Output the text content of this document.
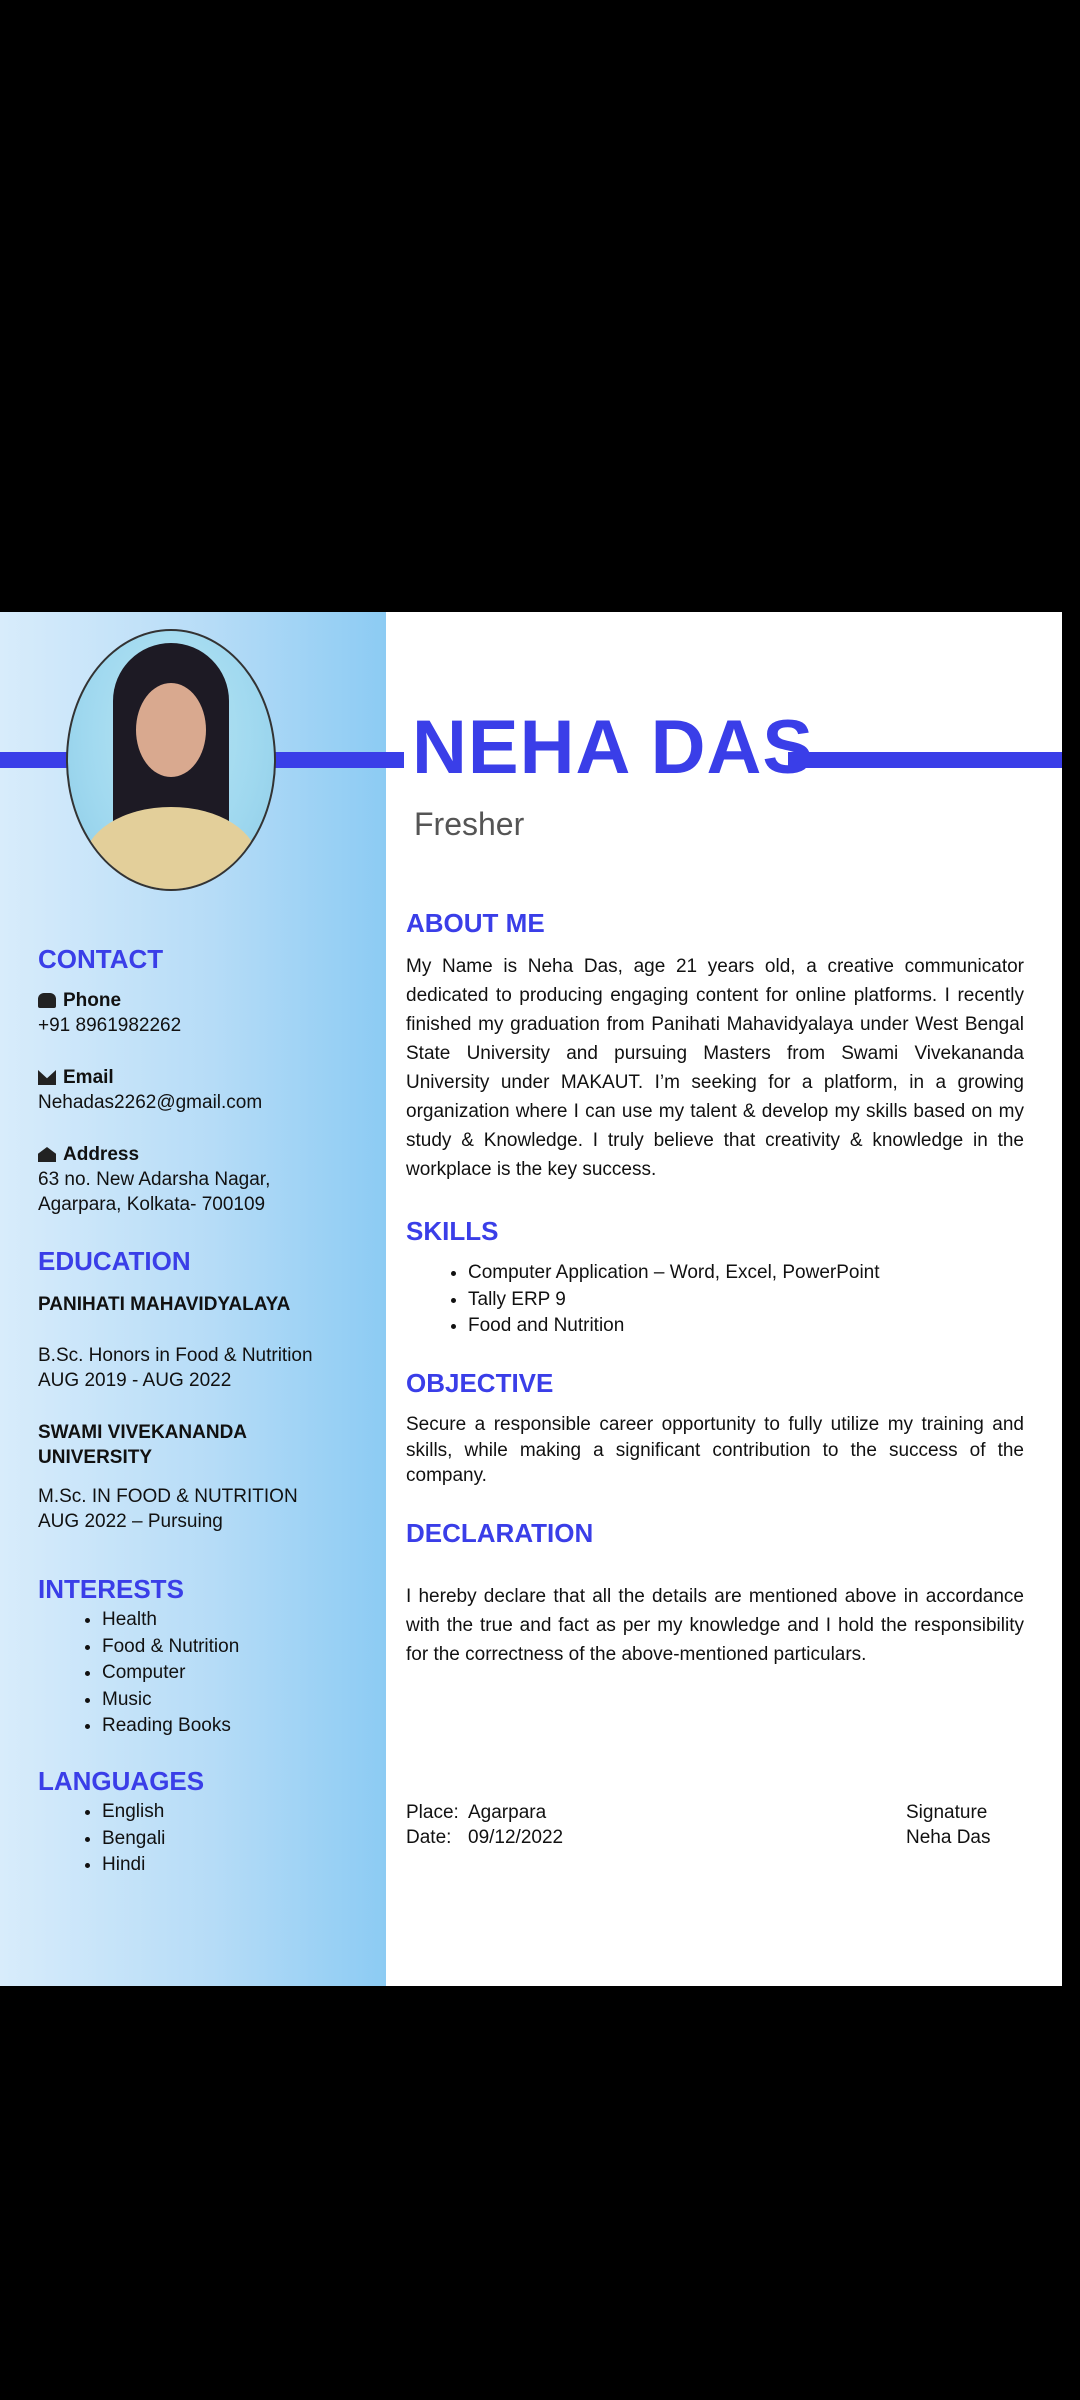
NEHA DAS
Fresher
CONTACT
Phone
+91 8961982262
Email
Nehadas2262@gmail.com
Address
63 no. New Adarsha Nagar,
Agarpara, Kolkata- 700109
EDUCATION
PANIHATI MAHAVIDYALAYA
B.Sc. Honors in Food & Nutrition
AUG 2019 - AUG 2022
SWAMI VIVEKANANDA
UNIVERSITY
M.Sc. IN FOOD & NUTRITION
AUG 2022 – Pursuing
INTERESTS
• Health
• Food & Nutrition
• Computer
• Music
• Reading Books
LANGUAGES
• English
• Bengali
• Hindi
ABOUT ME
My Name is Neha Das, age 21 years old, a creative communicator dedicated to producing engaging content for online platforms. I recently finished my graduation from Panihati Mahavidyalaya under West Bengal State University and pursuing Masters from Swami Vivekananda University under MAKAUT. I’m seeking for a platform, in a growing organization where I can use my talent & develop my skills based on my study & Knowledge. I truly believe that creativity & knowledge in the workplace is the key success.
SKILLS
• Computer Application – Word, Excel, PowerPoint
• Tally ERP 9
• Food and Nutrition
OBJECTIVE
Secure a responsible career opportunity to fully utilize my training and skills, while making a significant contribution to the success of the company.
DECLARATION
I hereby declare that all the details are mentioned above in accordance with the true and fact as per my knowledge and I hold the responsibility for the correctness of the above-mentioned particulars.
Place:
Date:
Agarpara
09/12/2022
Signature
Neha Das
